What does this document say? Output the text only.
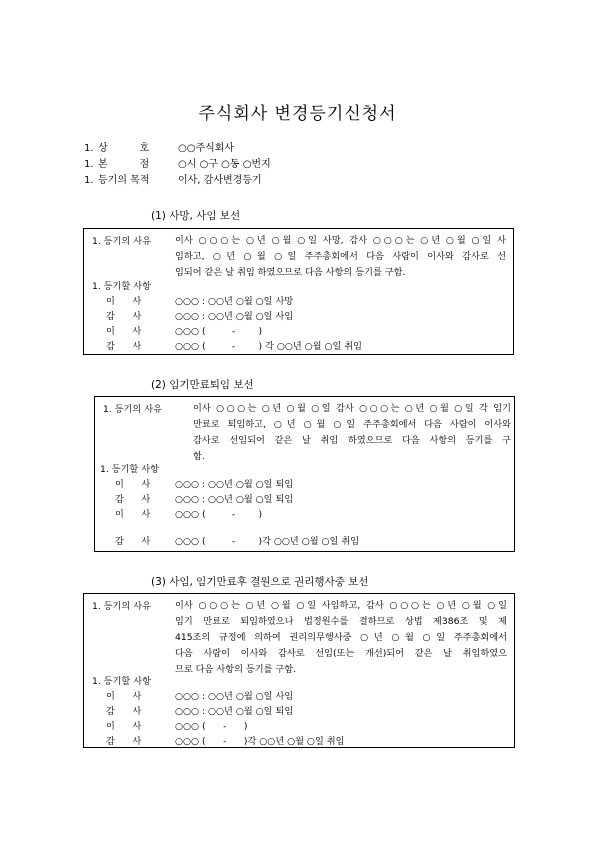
주식회사 변경등기신청서
1. 상          호	○○주식회사
1. 본          점	○시 ○구 ○동 ○번지
1. 등기의 목적	이사, 감사변경등기
(1) 사망, 사임 보선
1. 등기의 사유	이사 ○○○는 ○년 ○월 ○일 사망, 감사 ○○○는 ○년 ○월 ○일 사
임하고, ○년 ○월 ○일 주주총회에서 다음 사람이 이사와 감사로 선
임되어 같은 날 취임 하였으므로 다음 사항의 등기를 구함.
1. 등기할 사항
이      사	○○○ : ○○년 ○월 ○일 사망
감      사	○○○ : ○○년 ○월 ○일 사임
이      사	○○○ (         -        )
감      사	○○○ (         -        ) 각 ○○년 ○월 ○일 취임
(2) 임기만료퇴임 보선
1. 등기의 사유	이사 ○○○는 ○년 ○월 ○일 감사 ○○○는 ○년 ○월 ○일 각 임기
만료로 퇴임하고, ○년 ○월 ○일 주주총회에서 다음 사람이 이사와
감사로 선임되어 같은 날 취임 하였으므로 다음 사항의 등기를 구
함.
1. 등기할 사항
이      사	○○○ : ○○년 ○월 ○일 퇴임
감      사	○○○ : ○○년 ○월 ○일 퇴임
이      사	○○○ (         -        )
감      사	○○○ (         -        )각 ○○년 ○월 ○일 취임
(3) 사임, 임기만료후 결원으로 권리행사중 보선
1. 등기의 사유	이사 ○○○는 ○년 ○월 ○일 사임하고, 감사 ○○○는 ○년 ○월 ○일
임기 만료로 퇴임하였으나 법정원수를 결하므로 상법 제386조 및 제
415조의 규정에 의하여 권리의무행사중 ○년 ○월 ○일 주주총회에서
다음 사람이 이사와 감사로 선임(또는 개선)되어 같은 날 취임하였으
므로 다음 사항의 등기를 구함.
1. 등기할 사항
이      사	○○○ : ○○년 ○월 ○일 사임
감      사	○○○ : ○○년 ○월 ○일 퇴임
이      사	○○○ (      -      )
감      사	○○○ (      -      )각 ○○년 ○월 ○일 취임
